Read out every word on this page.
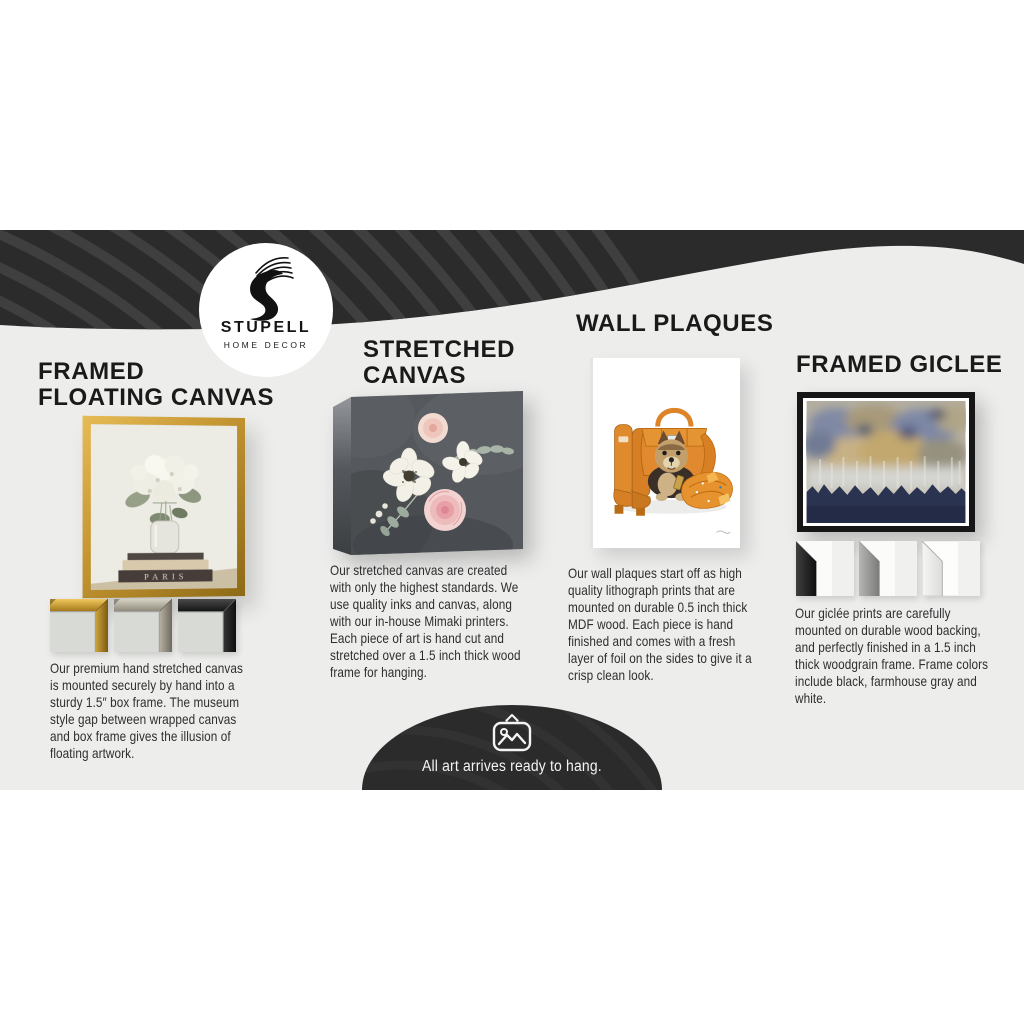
STUPELL
HOME DECOR
FRAMED
FLOATING CANVAS
PARIS

Our premium hand stretched canvas is mounted securely by hand into a sturdy 1.5″ box frame. The museum style gap between wrapped canvas and box frame gives the illusion of floating artwork.

STRETCHED
CANVAS

Our stretched canvas are created with only the highest standards. We use quality inks and canvas, along with our in-house Mimaki printers. Each piece of art is hand cut and stretched over a 1.5 inch thick wood frame for hanging.

WALL PLAQUES

Our wall plaques start off as high quality lithograph prints that are mounted on durable 0.5 inch thick MDF wood. Each piece is hand finished and comes with a fresh layer of foil on the sides to give it a crisp clean look.

FRAMED GICLEE

Our giclée prints are carefully mounted on durable wood backing, and perfectly finished in a 1.5 inch thick woodgrain frame. Frame colors include black, farmhouse gray and white.

All art arrives ready to hang.
